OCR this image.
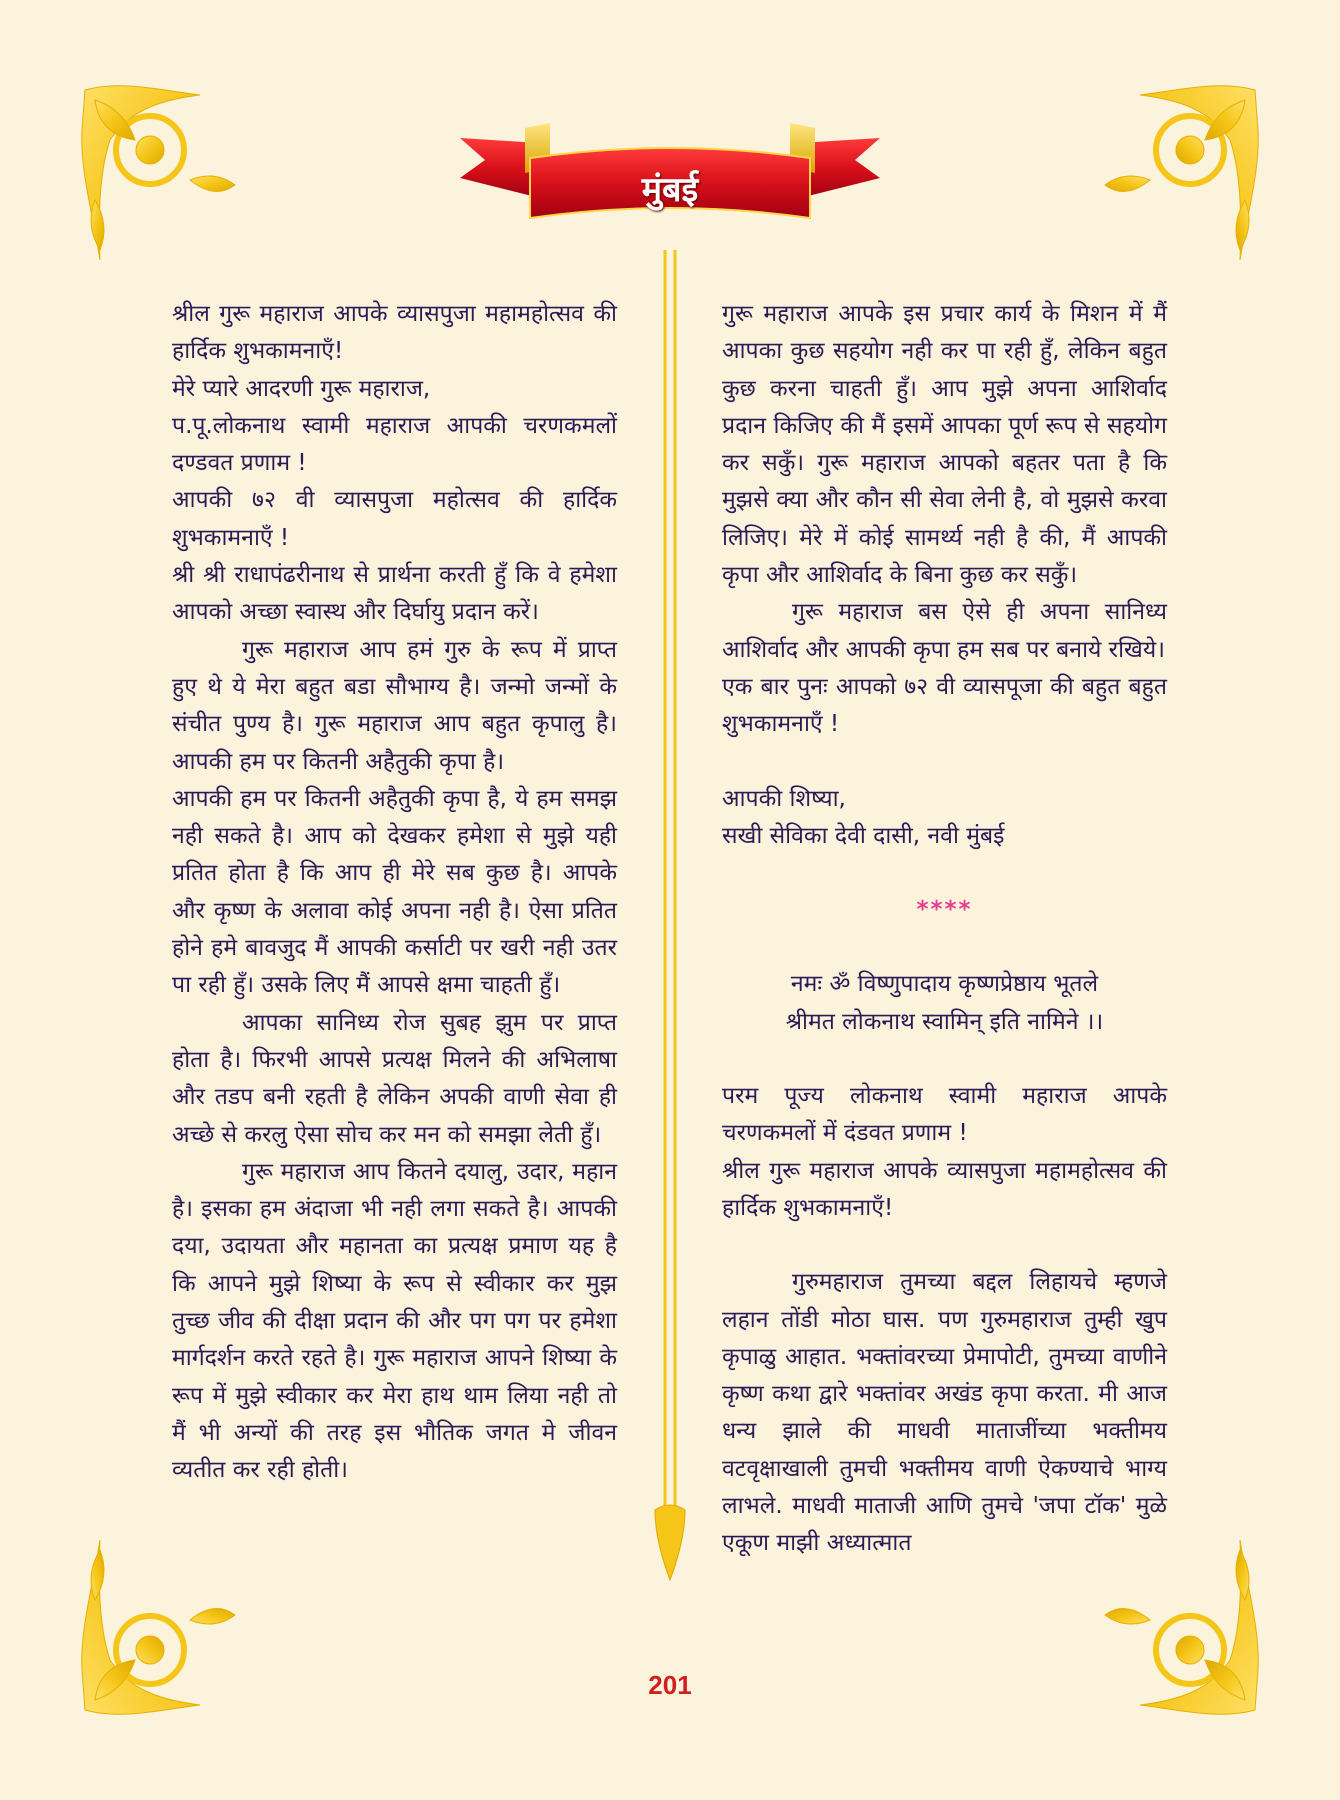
मुंबई

श्रील गुरू महाराज आपके व्यासपुजा महामहोत्सव की हार्दिक शुभकामनाएँ!

मेरे प्यारे आदरणी गुरू महाराज,

प.पू.लोकनाथ स्वामी महाराज आपकी चरणकमलों दण्डवत प्रणाम !

आपकी ७२ वी व्यासपुजा महोत्सव की हार्दिक शुभकामनाएँ !

श्री श्री राधापंढरीनाथ से प्रार्थना करती हुँ कि वे हमेशा आपको अच्छा स्वास्थ और दिर्घायु प्रदान करें।

गुरू महाराज आप हमं गुरु के रूप में प्राप्त हुए थे ये मेरा बहुत बडा सौभाग्य है। जन्मो जन्मों के संचीत पुण्य है। गुरू महाराज आप बहुत कृपालु है। आपकी हम पर कितनी अहैतुकी कृपा है।

आपकी हम पर कितनी अहैतुकी कृपा है, ये हम समझ नही सकते है। आप को देखकर हमेशा से मुझे यही प्रतित होता है कि आप ही मेरे सब कुछ है। आपके और कृष्ण के अलावा कोई अपना नही है। ऐसा प्रतित होने हमे बावजुद मैं आपकी कर्साटी पर खरी नही उतर पा रही हुँ। उसके लिए मैं आपसे क्षमा चाहती हुँ।

आपका सानिध्य रोज सुबह झुम पर प्राप्त होता है। फिरभी आपसे प्रत्यक्ष मिलने की अभिलाषा और तडप बनी रहती है लेकिन अपकी वाणी सेवा ही अच्छे से करलु ऐसा सोच कर मन को समझा लेती हुँ।

गुरू महाराज आप कितने दयालु, उदार, महान है। इसका हम अंदाजा भी नही लगा सकते है। आपकी दया, उदायता और महानता का प्रत्यक्ष प्रमाण यह है कि आपने मुझे शिष्या के रूप से स्वीकार कर मुझ तुच्छ जीव की दीक्षा प्रदान की और पग पग पर हमेशा मार्गदर्शन करते रहते है। गुरू महाराज आपने शिष्या के रूप में मुझे स्वीकार कर मेरा हाथ थाम लिया नही तो मैं भी अन्यों की तरह इस भौतिक जगत मे जीवन व्यतीत कर रही होती।

गुरू महाराज आपके इस प्रचार कार्य के मिशन में मैं आपका कुछ सहयोग नही कर पा रही हुँ, लेकिन बहुत कुछ करना चाहती हुँ। आप मुझे अपना आशिर्वाद प्रदान किजिए की मैं इसमें आपका पूर्ण रूप से सहयोग कर सकुँ। गुरू महाराज आपको बहतर पता है कि मुझसे क्या और कौन सी सेवा लेनी है, वो मुझसे करवा लिजिए। मेरे में कोई सामर्थ्य नही है की, मैं आपकी कृपा और आशिर्वाद के बिना कुछ कर सकुँ।

गुरू महाराज बस ऐसे ही अपना सानिध्य आशिर्वाद और आपकी कृपा हम सब पर बनाये रखिये।

एक बार पुनः आपको ७२ वी व्यासपूजा की बहुत बहुत शुभकामनाएँ !

आपकी शिष्या,

सखी सेविका देवी दासी, नवी मुंबई

****

नमः ॐ विष्णुपादाय कृष्णप्रेष्ठाय भूतले

श्रीमत लोकनाथ स्वामिन् इति नामिने ।।

परम पूज्य लोकनाथ स्वामी महाराज आपके चरणकमलों में दंडवत प्रणाम !

श्रील गुरू महाराज आपके व्यासपुजा महामहोत्सव की हार्दिक शुभकामनाएँ!

गुरुमहाराज तुमच्या बद्दल लिहायचे म्हणजे लहान तोंडी मोठा घास. पण गुरुमहाराज तुम्ही खुप कृपाळु आहात. भक्तांवरच्या प्रेमापोटी, तुमच्या वाणीने कृष्ण कथा द्वारे भक्तांवर अखंड कृपा करता. मी आज धन्य झाले की माधवी माताजींच्या भक्तीमय वटवृक्षाखाली तुमची भक्तीमय वाणी ऐकण्याचे भाग्य लाभले. माधवी माताजी आणि तुमचे 'जपा टॉक' मुळे एकूण माझी अध्यात्मात

201
